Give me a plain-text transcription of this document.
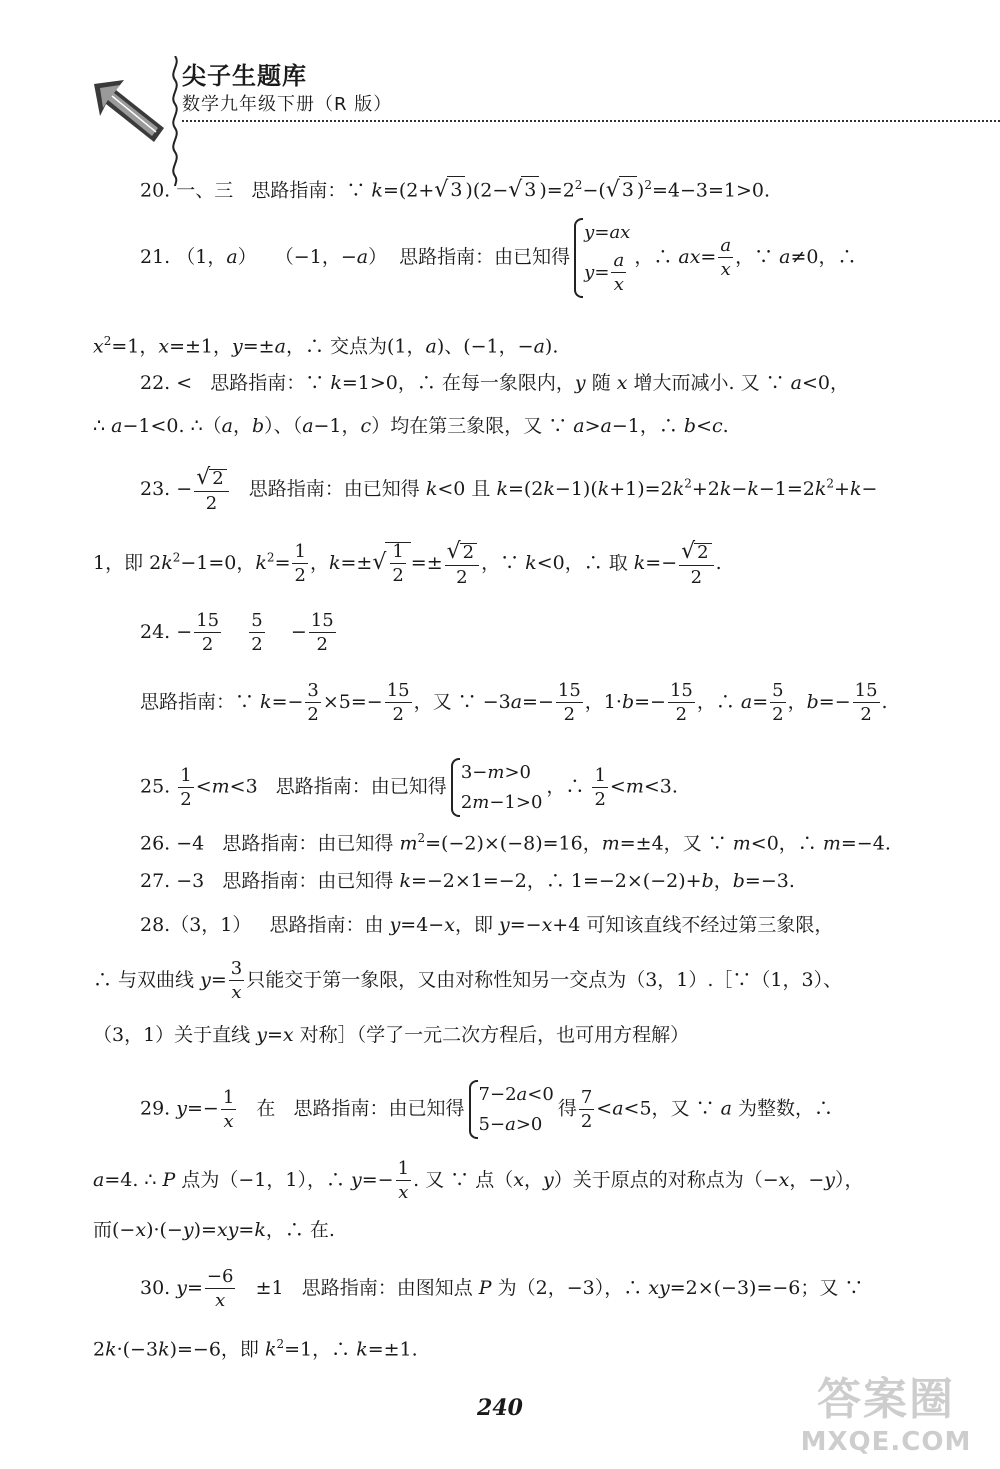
尖子生题库
数学九年级下册（R 版）
20. 一、三   思路指南：∵ k=(2+√ 3 )(2−√ 3 )$=2^2-(√$ 3 )$^2$=4−3=1>0.
21. （1，a）   （−1，−a）  思路指南：由已知得
y=ax
$y= \frac{a}{x}$ ，∴ $ax= \frac{a}{x}$ ，∵ a≠0，∴
$x^2=1$，x=±1，y=±a，∴ 交点为(1，a)、(−1，−a).
22. <   思路指南：∵ k=1>0，∴ 在每一象限内，y 随 x 增大而减小. 又 ∵ a<0，
∴ a−1<0. ∴（a，b）、（a−1，c）均在第三象限，又 ∵ a>a−1，∴ b<c.
23. − $\frac{√ 2}{2}$ 思路指南：由已知得 k<0 且 $k=(2k-1)(k+1)=2k^2+2k-k-1=2k^2+k-$
1，即 $2k^2-1=0$，$k^2= \frac{1}{2}$ ，$k=\pm√ \frac{1}{2} =\pm \frac{√ 2}{2}$ ，∵ k<0，∴ 取 $k=- \frac{√ 2}{2}$ .
24. − $\frac{15}{2}$
$\frac{5}{2} - \frac{15}{2}$
思路指南：∵ $k=- \frac{3}{2} \times 5=- \frac{15}{2}$ ，又 ∵ $-3a=- \frac{15}{2}$ ，$1\cdot b=- \frac{15}{2}$ ，∴ $a= \frac{5}{2}$ ，$b=- \frac{15}{2}$ .
25. $\frac{1}{2} <m<3$   思路指南：由已知得
3−m>0
2m−1>0
，∴ $\frac{1}{2} <m<3$.
26. −4   思路指南：由已知得 $m^2=(-2)\times(-8)=16$，m=±4，又 ∵ m<0，∴ m=−4.
27. −3   思路指南：由已知得 k=−2×1=−2，∴ 1=−2×(−2)+b，b=−3.
28.（3，1）   思路指南：由 y=4−x，即 y=−x+4 可知该直线不经过第三象限，
∴ 与双曲线 $y= \frac{3}{x}$ 只能交于第一象限，又由对称性知另一交点为（3，1）.［∵（1，3）、
（3，1）关于直线 y=x 对称］（学了一元二次方程后，也可用方程解）
29. $y=- \frac{1}{x}$ 在   思路指南：由已知得
7−2a<0
5−a>0
得 $\frac{7}{2} <a<5$，又 ∵ a 为整数，∴
a=4. ∴ P 点为（−1，1），∴ $y=- \frac{1}{x}$ . 又 ∵ 点（x，y）关于原点的对称点为（−x，−y），
而(−x)·(−y)=xy=k，∴ 在.
30. $y= \frac{-6}{x} \pm 1$   思路指南：由图知点 P 为（2，−3），∴ xy=2×(−3)=−6；又 ∵
2k·(−3k)=−6，即 $k^2=1$，∴ k=±1.
240	答案圈
MXQE.COM
